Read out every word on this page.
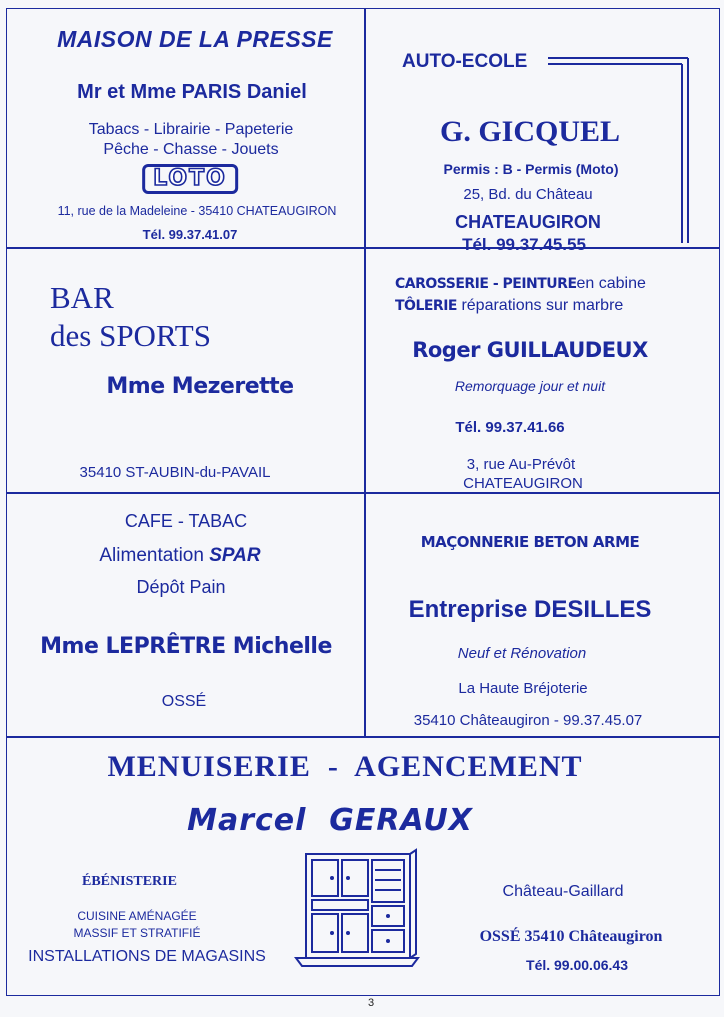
MAISON DE LA PRESSE
Mr et Mme PARIS Daniel
Tabacs - Librairie - Papeterie
Pêche - Chasse - Jouets
LOTO
11, rue de la Madeleine - 35410 CHATEAUGIRON
Tél. 99.37.41.07
AUTO-ECOLE
G. GICQUEL
Permis : B - Permis (Moto)
25, Bd. du Château
CHATEAUGIRON
Tél. 99.37.45.55
BAR
des SPORTS
Mme Mezerette
35410 ST-AUBIN-du-PAVAIL
CAROSSERIE - PEINTUREen cabine
TÔLERIE réparations sur marbre
Roger GUILLAUDEUX
Remorquage jour et nuit
Tél. 99.37.41.66
3, rue Au-Prévôt
CHATEAUGIRON
CAFE - TABAC
Alimentation SPAR
Dépôt Pain
Mme LEPRÊTRE Michelle
OSSÉ
MAÇONNERIE BETON ARME
Entreprise DESILLES
Neuf et Rénovation
La Haute Bréjoterie
35410 Châteaugiron - 99.37.45.07
MENUISERIE  -  AGENCEMENT
Marcel  GERAUX
ÉBÉNISTERIE
CUISINE AMÉNAGÉE
MASSIF ET STRATIFIÉ
INSTALLATIONS DE MAGASINS
Château-Gaillard
OSSÉ 35410 Châteaugiron
Tél. 99.00.06.43
3
